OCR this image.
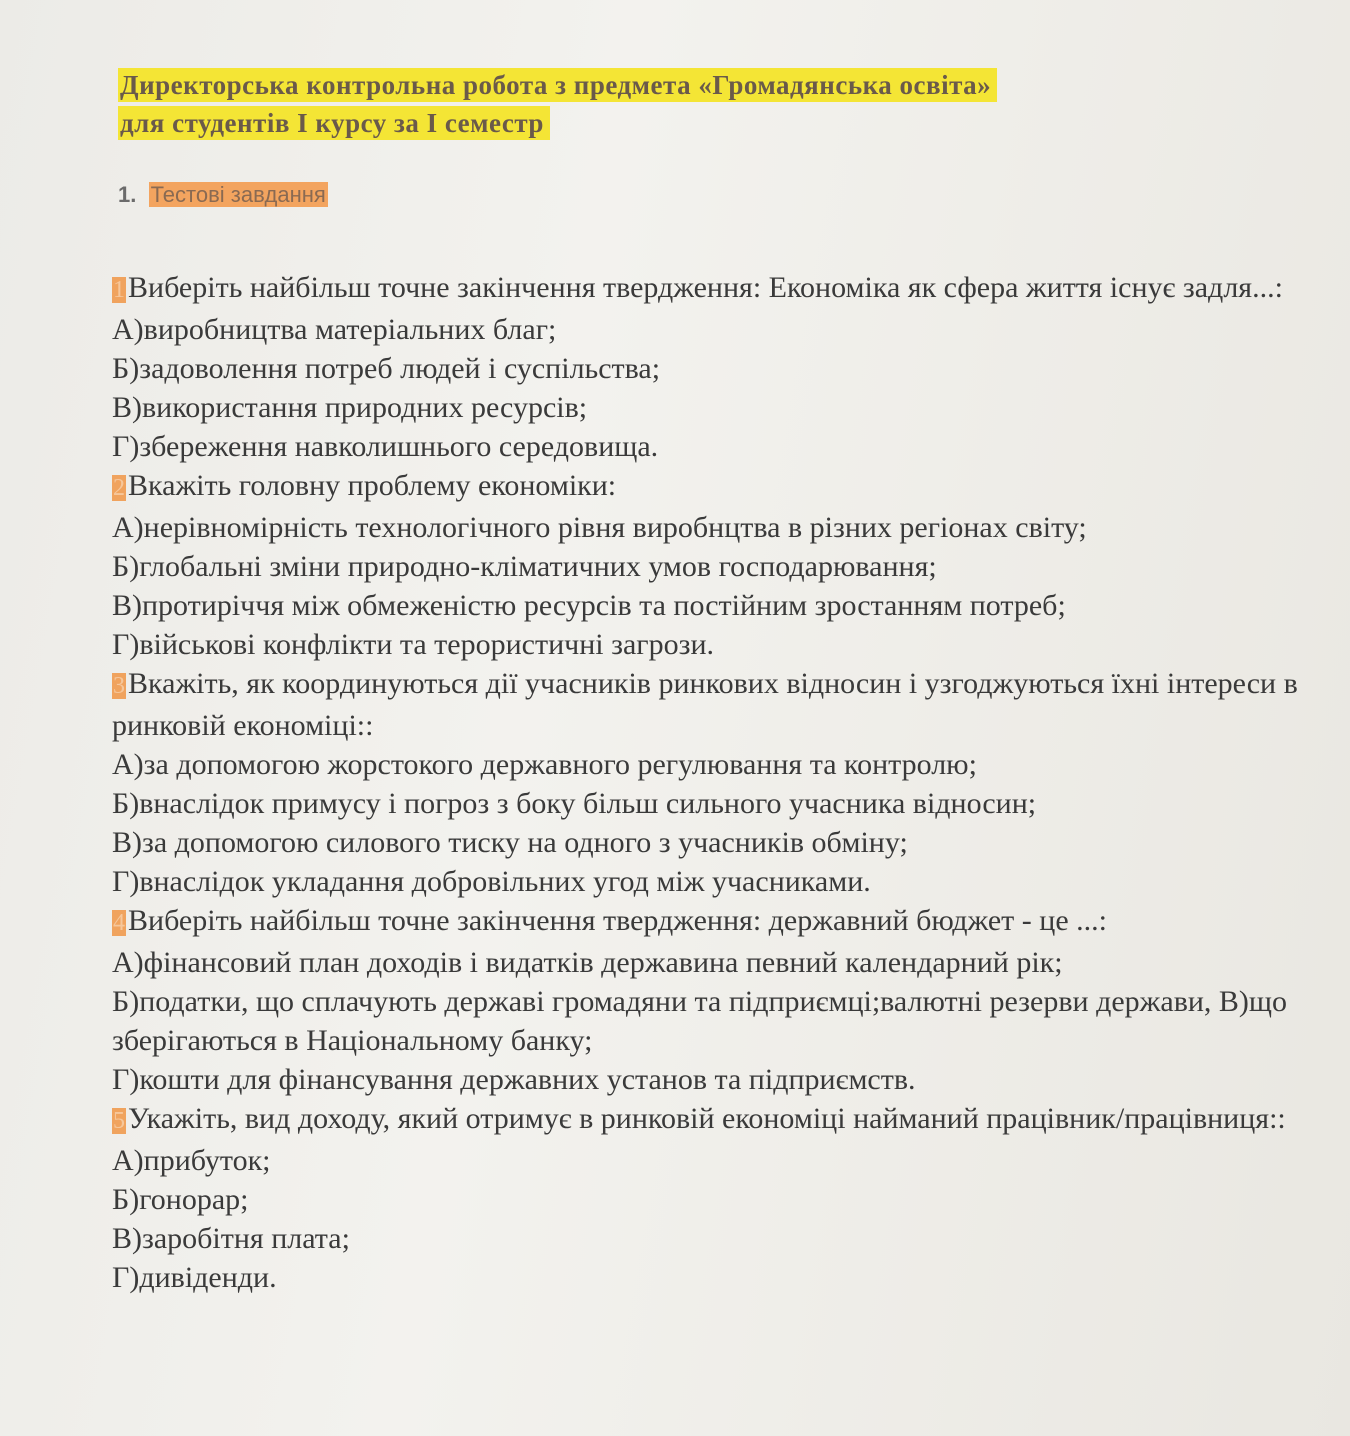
Директорська контрольна робота з предмета «Громадянська освіта»
для студентів І курсу за І семестр
1. Тестові завдання

1 Виберіть найбільш точне закінчення твердження: Економіка як сфера життя існує задля...:

А)виробництва матеріальних благ;

Б)задоволення потреб людей і суспільства;

В)використання природних ресурсів;

Г)збереження навколишнього середовища.

2 Вкажіть головну проблему економіки:

А)нерівномірність технологічного рівня виробнцтва в різних регіонах світу;

Б)глобальні зміни природно-кліматичних умов господарювання;

В)протиріччя між обмеженістю ресурсів та постійним зростанням потреб;

Г)військові конфлікти та терористичні загрози.

3 Вкажіть, як координуються дії учасників ринкових відносин і узгоджуються їхні інтереси в ринковій економіці::

А)за допомогою жорстокого державного регулювання та контролю;

Б)внаслідок примусу і погроз з боку більш сильного учасника відносин;

В)за допомогою силового тиску на одного з учасників обміну;

Г)внаслідок укладання добровільних угод між учасниками.

4 Виберіть найбільш точне закінчення твердження: державний бюджет - це ...:

А)фінансовий план доходів і видатків державина певний календарний рік;

Б)податки, що сплачують державі громадяни та підприємці;валютні резерви держави, В)що зберігаються в Національному банку;

Г)кошти для фінансування державних установ та підприємств.

5 Укажіть, вид доходу, який отримує в ринковій економіці найманий працівник/працівниця::

А)прибуток;

Б)гонорар;

В)заробітня плата;

Г)дивіденди.
